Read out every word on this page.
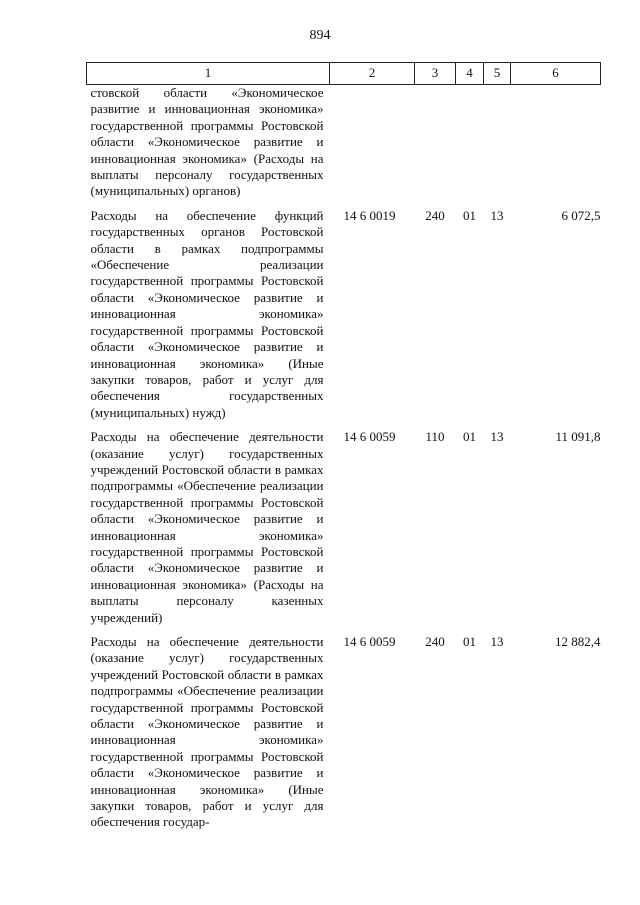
894
1	2	3	4	5	6
стовской области «Экономическое развитие и инновационная экономика» государственной программы Ростовской области «Экономическое развитие и инновационная экономика» (Расходы на выплаты персоналу государственных (муниципальных) органов)					
Расходы на обеспечение функций государственных органов Ростовской области в рамках подпрограммы «Обеспечение реализации государственной программы Ростовской области «Экономическое развитие и инновационная экономика» государственной программы Ростовской области «Экономическое развитие и инновационная экономика» (Иные закупки товаров, работ и услуг для обеспечения государственных (муниципальных) нужд)	14 6 0019	240	01	13	6 072,5
Расходы на обеспечение деятельности (оказание услуг) государственных учреждений Ростовской области в рамках подпрограммы «Обеспечение реализации государственной программы Ростовской области «Экономическое развитие и инновационная экономика» государственной программы Ростовской области «Экономическое развитие и инновационная экономика» (Расходы на выплаты персоналу казенных учреждений)	14 6 0059	110	01	13	11 091,8
Расходы на обеспечение деятельности (оказание услуг) государственных учреждений Ростовской области в рамках подпрограммы «Обеспечение реализации государственной программы Ростовской области «Экономическое развитие и инновационная экономика» государственной программы Ростовской области «Экономическое развитие и инновационная экономика» (Иные закупки товаров, работ и услуг для обеспечения государ-	14 6 0059	240	01	13	12 882,4
